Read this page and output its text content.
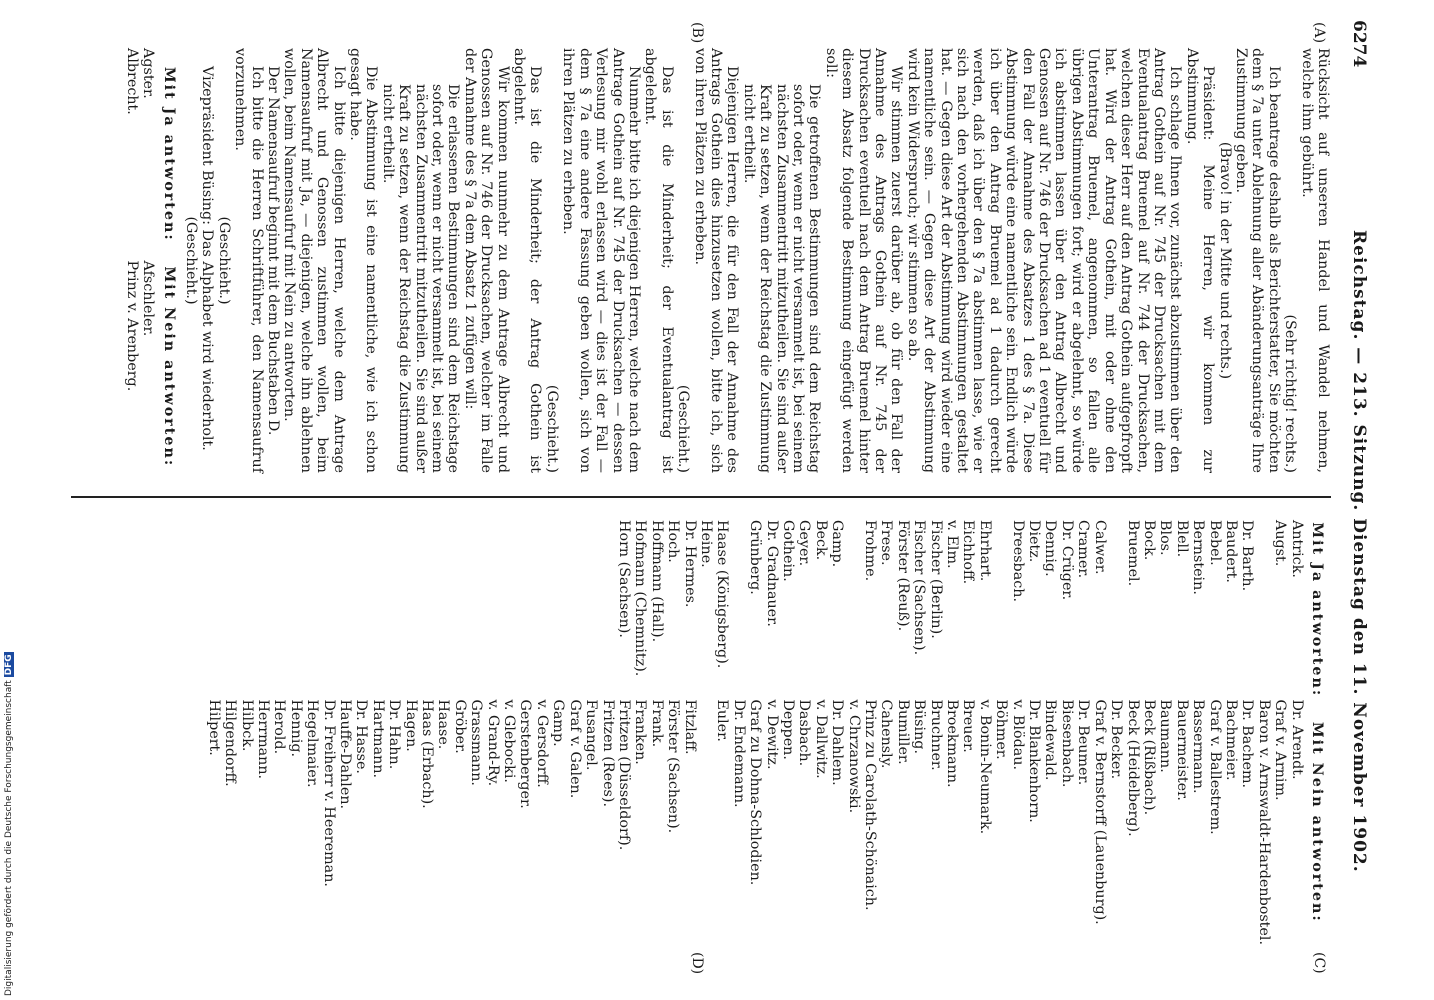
6274
Reichstag. — 213. Sitzung. Dienstag den 11. November 1902.
(A)
(B)
(C)
(D)

Rücksicht auf unseren Handel und Wandel nehmen, welche ihm gebührt.

(Sehr richtig! rechts.)

Ich beantrage deshalb als Berichterstatter, Sie möchten dem § 7a unter Ablehnung aller Abänderungsanträge Ihre Zustimmung geben.

(Bravo! in der Mitte und rechts.)

Präsident: Meine Herren, wir kommen zur Abstimmung.

Ich schlage Ihnen vor, zunächst abzustimmen über den Antrag Gothein auf Nr. 745 der Drucksachen mit dem Eventualantrag Bruemel auf Nr. 744 der Drucksachen, welchen dieser Herr auf den Antrag Gothein aufgepfropft hat. Wird der Antrag Gothein, mit oder ohne den Unterantrag Bruemel, angenommen, so fallen alle übrigen Abstimmungen fort; wird er abgelehnt, so würde ich abstimmen lassen über den Antrag Albrecht und Genossen auf Nr. 746 der Drucksachen ad 1 eventuell für den Fall der Annahme des Absatzes 1 des § 7a. Diese Abstimmung würde eine namentliche sein. Endlich würde ich über den Antrag Bruemel ad 1 dadurch gerecht werden, daß ich über den § 7a abstimmen lasse, wie er sich nach den vorhergehenden Abstimmungen gestaltet hat. — Gegen diese Art der Abstimmung wird wieder eine namentliche sein. — Gegen diese Art der Abstimmung wird kein Widerspruch; wir stimmen so ab.

Wir stimmen zuerst darüber ab, ob für den Fall der Annahme des Antrags Gothein auf Nr. 745 der Drucksachen eventuell nach dem Antrag Bruemel hinter diesem Absatz folgende Bestimmung eingefügt werden soll:

Die getroffenen Bestimmungen sind dem Reichstag sofort oder, wenn er nicht versammelt ist, bei seinem nächsten Zusammentritt mitzutheilen. Sie sind außer Kraft zu setzen, wenn der Reichstag die Zustimmung nicht ertheilt.

Diejenigen Herren, die für den Fall der Annahme des Antrags Gothein dies hinzusetzen wollen, bitte ich, sich von ihren Plätzen zu erheben.

(Geschieht.)

Das ist die Minderheit; der Eventualantrag ist abgelehnt.

Nunmehr bitte ich diejenigen Herren, welche nach dem Antrage Gothein auf Nr. 745 der Drucksachen — dessen Verlesung mir wohl erlassen wird — dies ist der Fall — dem § 7a eine andere Fassung geben wollen, sich von ihren Plätzen zu erheben.

(Geschieht.)

Das ist die Minderheit; der Antrag Gothein ist abgelehnt.

Wir kommen nunmehr zu dem Antrage Albrecht und Genossen auf Nr. 746 der Drucksachen, welcher im Falle der Annahme des § 7a dem Absatz 1 zufügen will:

Die erlassenen Bestimmungen sind dem Reichstage sofort oder, wenn er nicht versammelt ist, bei seinem nächsten Zusammentritt mitzutheilen. Sie sind außer Kraft zu setzen, wenn der Reichstag die Zustimmung nicht ertheilt.

Die Abstimmung ist eine namentliche, wie ich schon gesagt habe.

Ich bitte diejenigen Herren, welche dem Antrage Albrecht und Genossen zustimmen wollen, beim Namensaufruf mit Ja, — diejenigen, welche ihn ablehnen wollen, beim Namensaufruf mit Nein zu antworten.

Der Namensaufruf beginnt mit dem Buchstaben D.

Ich bitte die Herren Schriftführer, den Namensaufruf vorzunehmen.

(Geschieht.)

Vizepräsident Büsing: Das Alphabet wird wiederholt.

(Geschieht.)

Mit Ja antworten:
Agster.
Albrecht.
Mit Nein antworten:
Afschleler.
Prinz v. Arenberg.
Mit Ja antworten:
Antrick.
Augst.

Dr. Barth.
Baudert.
Bebel.
Bernstein.
Blell.
Blos.
Bock.
Bruemel.

Calwer.
Cramer.
Dr. Crüger.
Dennig.
Dietz.
Dreesbach.

Ehrhart.
Eichhoff.
v. Elm.
Fischer (Berlin).
Fischer (Sachsen).
Förster (Reuß).
Frese.
Frohme.

Gamp.
Beck.
Geyer.
Gothein.
Dr. Gradnauer.
Grünberg.

Haase (Königsberg).
Heine.
Dr. Hermes.
Hoch.
Hoffmann (Hall).
Hofmann (Chemnitz).
Horn (Sachsen).
Mit Nein antworten:
Dr. Arendt.
Graf v. Arnim.
Baron v. Arnswaldt-Hardenbostel.
Dr. Bachem.
Bachmeier.
Graf v. Ballestrem.
Bassermann.
Bauermeister.
Baumann.
Beck (Rißbach).
Beck (Heidelberg).
Dr. Becker.
Graf v. Bernstorff (Lauenburg).
Dr. Beumer.
Biesenbach.
Bindewald.
Dr. Blankenhorn.
v. Blödau.
Böhmer.
v. Bonin-Neumark.
Breuer.
Broekmann.
Bruchner.
Büsing.
Bumiller.
Cahensly.
Prinz zu Carolath-Schönaich.
v. Chrzanowski.
Dr. Dahlem.
v. Dallwitz.
Dasbach.
Deppen.
v. Dewitz.
Graf zu Dohna-Schlodien.
Dr. Endemann.
Euler.

Fitzlaff.
Förster (Sachsen).
Frank.
Franken.
Fritzen (Düsseldorf).
Fritzen (Rees).
Fusangel.
Graf v. Galen.
Gamp.
v. Gersdorff.
Gerstenberger.
v. Glebocki.
v. Grand-Ry.
Grassmann.
Gröber.
Haase.
Haas (Erbach).
Hagen.
Dr. Hahn.
Hartmann.
Dr. Hasse.
Hauffe-Dahlen.
Dr. Freiherr v. Heereman.
Hegelmaier.
Hennig.
Herold.
Herrmann.
Hilbck.
Hilgendorff.
Hilpert.
Digitalisierung gefördert durch die Deutsche Forschungsgemeinschaft DFG
